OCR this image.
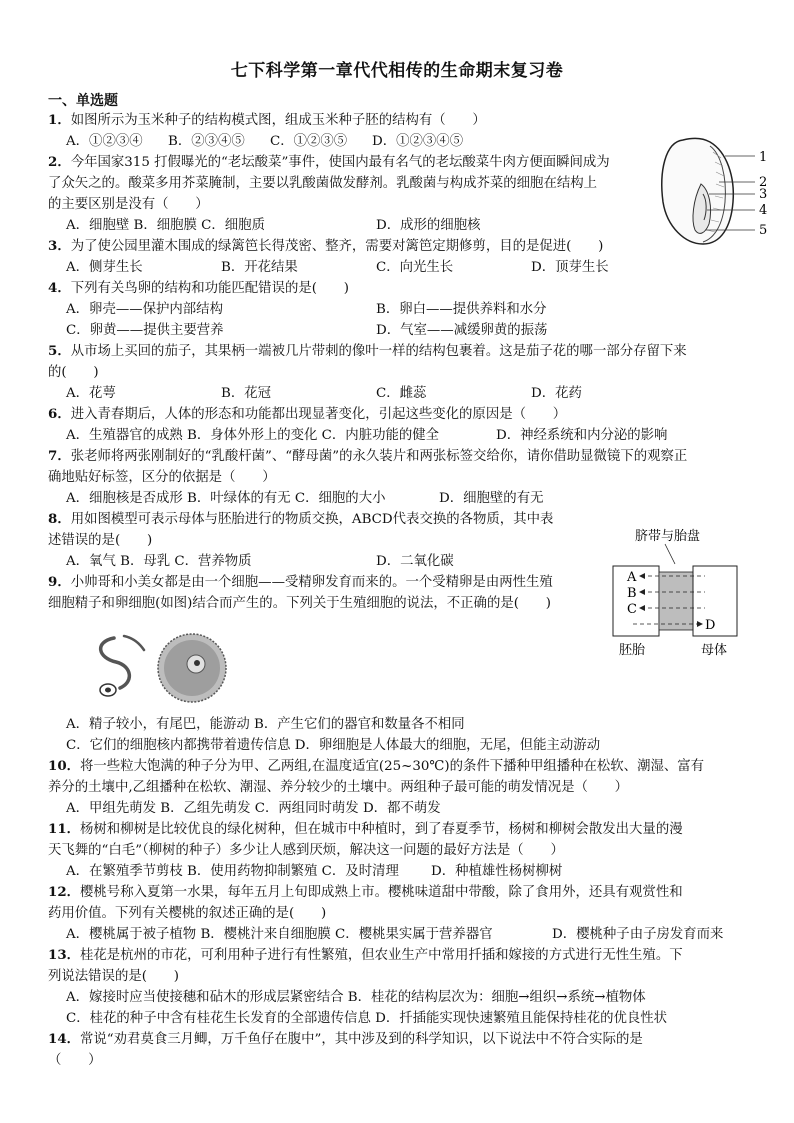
七下科学第一章代代相传的生命期末复习卷
一、单选题
1．如图所示为玉米种子的结构模式图，组成玉米种子胚的结构有（　　）
A．①②③④ B．②③④⑤ C．①②③⑤ D．①②③④⑤
2．今年国家315 打假曝光的“老坛酸菜”事件，使国内最有名气的老坛酸菜牛肉方便面瞬间成为
了众矢之的。酸菜多用芥菜腌制，主要以乳酸菌做发酵剂。乳酸菌与构成芥菜的细胞在结构上
的主要区别是没有（　　）
A．细胞壁 B．细胞膜 C．细胞质	D．成形的细胞核
3．为了使公园里灌木围成的绿篱笆长得茂密、整齐，需要对篱笆定期修剪，目的是促进(　　)
A．侧芽生长	B．开花结果	C．向光生长	D．顶芽生长
4．下列有关鸟卵的结构和功能匹配错误的是(　　)
A．卵壳——保护内部结构	B．卵白——提供养料和水分
C．卵黄——提供主要营养	D．气室——减缓卵黄的振荡
5．从市场上买回的茄子，其果柄一端被几片带刺的像叶一样的结构包裹着。这是茄子花的哪一部分存留下来
的(　　)
A．花萼	B．花冠	C．雌蕊	D．花药
6．进入青春期后，人体的形态和功能都出现显著变化，引起这些变化的原因是（　　）
A．生殖器官的成熟 B．身体外形上的变化 C．内脏功能的健全	D．神经系统和内分泌的影响
7．张老师将两张刚制好的“乳酸杆菌”、“酵母菌”的永久装片和两张标签交给你，请你借助显微镜下的观察正
确地贴好标签，区分的依据是（　　）
A．细胞核是否成形 B．叶绿体的有无 C．细胞的大小	D．细胞壁的有无
8．用如图模型可表示母体与胚胎进行的物质交换，ABCD代表交换的各物质，其中表
述错误的是(　　)
A．氧气 B．母乳 C．营养物质	D．二氧化碳
9．小帅哥和小美女都是由一个细胞——受精卵发育而来的。一个受精卵是由两性生殖
细胞精子和卵细胞(如图)结合而产生的。下列关于生殖细胞的说法，不正确的是(　　)
A．精子较小，有尾巴，能游动 B．产生它们的器官和数量各不相同
C．它们的细胞核内都携带着遗传信息 D．卵细胞是人体最大的细胞，无尾，但能主动游动
10．将一些粒大饱满的种子分为甲、乙两组,在温度适宜(25~30℃)的条件下播种甲组播种在松软、潮湿、富有
养分的土壤中,乙组播种在松软、潮湿、养分较少的土壤中。两组种子最可能的萌发情况是（　　）
A．甲组先萌发 B．乙组先萌发 C．两组同时萌发 D．都不萌发
11．杨树和柳树是比较优良的绿化树种，但在城市中种植时，到了春夏季节，杨树和柳树会散发出大量的漫
天飞舞的“白毛”（柳树的种子）多少让人感到厌烦，解决这一问题的最好方法是（　　）
A．在繁殖季节剪枝 B．使用药物抑制繁殖 C．及时清理 D．种植雄性杨树柳树
12．樱桃号称入夏第一水果，每年五月上旬即成熟上市。樱桃味道甜中带酸，除了食用外，还具有观赏性和
药用价值。下列有关樱桃的叙述正确的是(　　)
A．樱桃属于被子植物 B．樱桃汁来自细胞膜 C．樱桃果实属于营养器官	D．樱桃种子由子房发育而来
13．桂花是杭州的市花，可利用种子进行有性繁殖，但农业生产中常用扦插和嫁接的方式进行无性生殖。下
列说法错误的是(　　)
A．嫁接时应当使接穗和砧木的形成层紧密结合 B．桂花的结构层次为：细胞→组织→系统→植物体
C．桂花的种子中含有桂花生长发育的全部遗传信息 D．扦插能实现快速繁殖且能保持桂花的优良性状
14．常说“劝君莫食三月鲫，万千鱼仔在腹中”，其中涉及到的科学知识，以下说法中不符合实际的是
（　　）
1
2
3
4
5
脐带与胎盘
A
B
C
D
胚胎	母体
